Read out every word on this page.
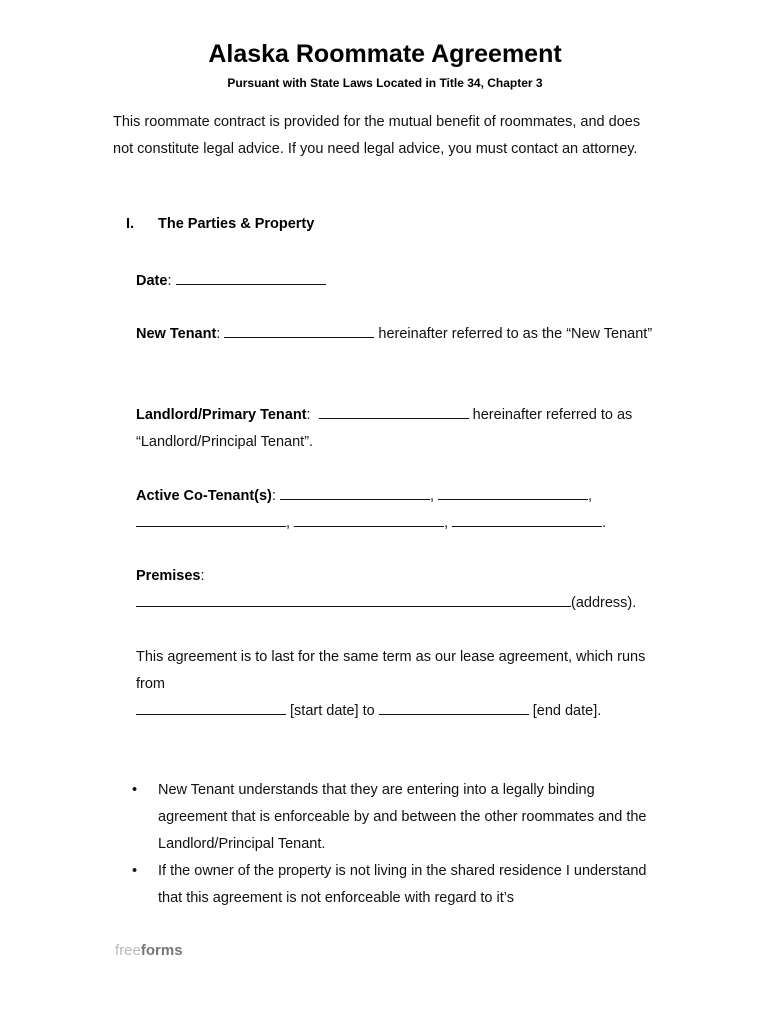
Alaska Roommate Agreement
Pursuant with State Laws Located in Title 34, Chapter 3
This roommate contract is provided for the mutual benefit of roommates, and does not constitute legal advice. If you need legal advice, you must contact an attorney.
I. The Parties & Property
Date:
New Tenant:	hereinafter referred to as the “New Tenant”
Landlord/Primary Tenant:	hereinafter referred to as “Landlord/Principal Tenant”.
Active Co-Tenant(s):	,	,
,	,	.
Premises:
(address).
This agreement is to last for the same term as our lease agreement, which runs from
[start date] to	[end date].
• New Tenant understands that they are entering into a legally binding agreement that is enforceable by and between the other roommates and the Landlord/Principal Tenant.
• If the owner of the property is not living in the shared residence I understand that this agreement is not enforceable with regard to it’s
freeforms
